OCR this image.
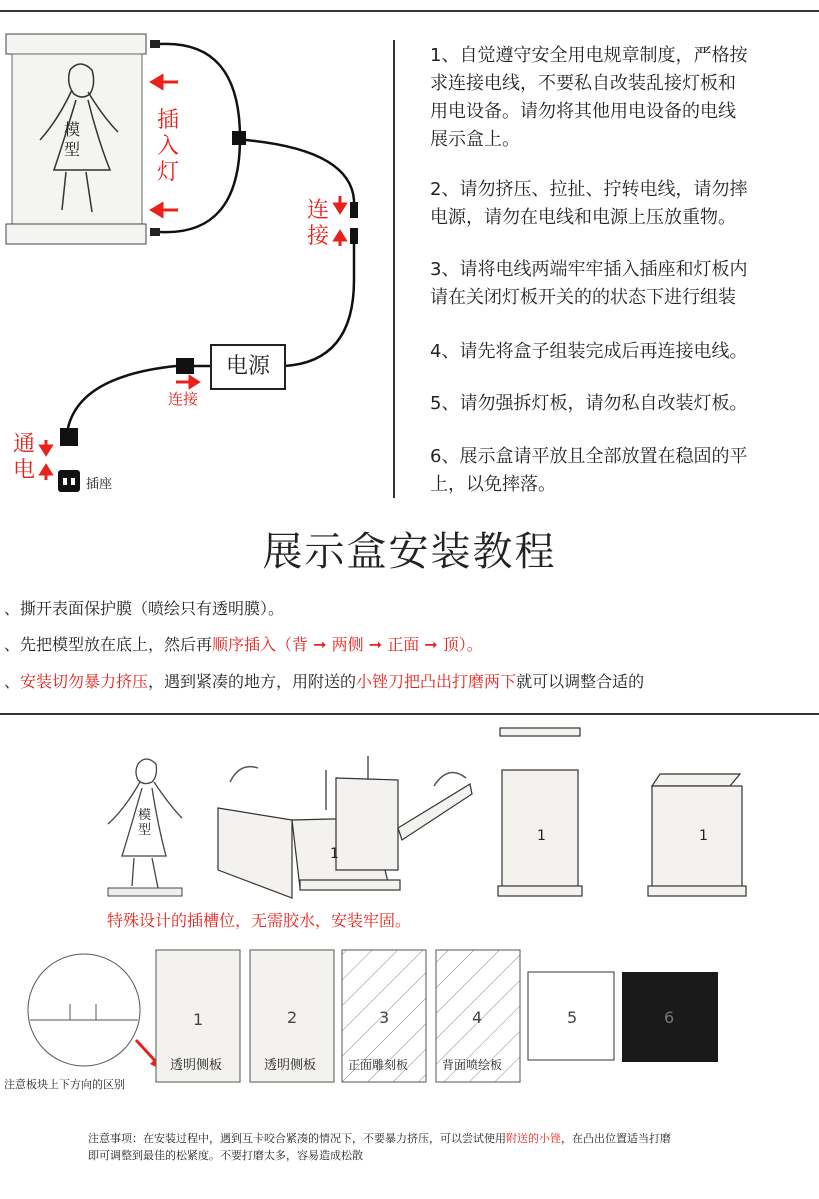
插入灯
连接
连接
通电
模型
电源
插座
1、自觉遵守安全用电规章制度，严格按
求连接电线，不要私自改装乱接灯板和
用电设备。请勿将其他用电设备的电线
展示盒上。
2、请勿挤压、拉扯、拧转电线，请勿摔
电源，请勿在电线和电源上压放重物。
3、请将电线两端牢牢插入插座和灯板内
请在关闭灯板开关的的状态下进行组装
4、请先将盒子组装完成后再连接电线。
5、请勿强拆灯板，请勿私自改装灯板。
6、展示盒请平放且全部放置在稳固的平
上，以免摔落。
展示盒安装教程
、撕开表面保护膜（喷绘只有透明膜）。
、先把模型放在底上，然后再顺序插入（背 ➞ 两侧 ➞ 正面 ➞ 顶）。
、安装切勿暴力挤压，遇到紧凑的地方，用附送的小锉刀把凸出打磨两下就可以调整合适的
模型
1
1	1
特殊设计的插槽位，无需胶水，安装牢固。
1	2	3	4	5	6
透明侧板	透明侧板	正面雕刻板	背面喷绘板
注意板块上下方向的区别
注意事项：在安装过程中，遇到互卡咬合紧凑的情况下，不要暴力挤压，可以尝试使用附送的小锉，在凸出位置适当打磨
即可调整到最佳的松紧度。不要打磨太多，容易造成松散
